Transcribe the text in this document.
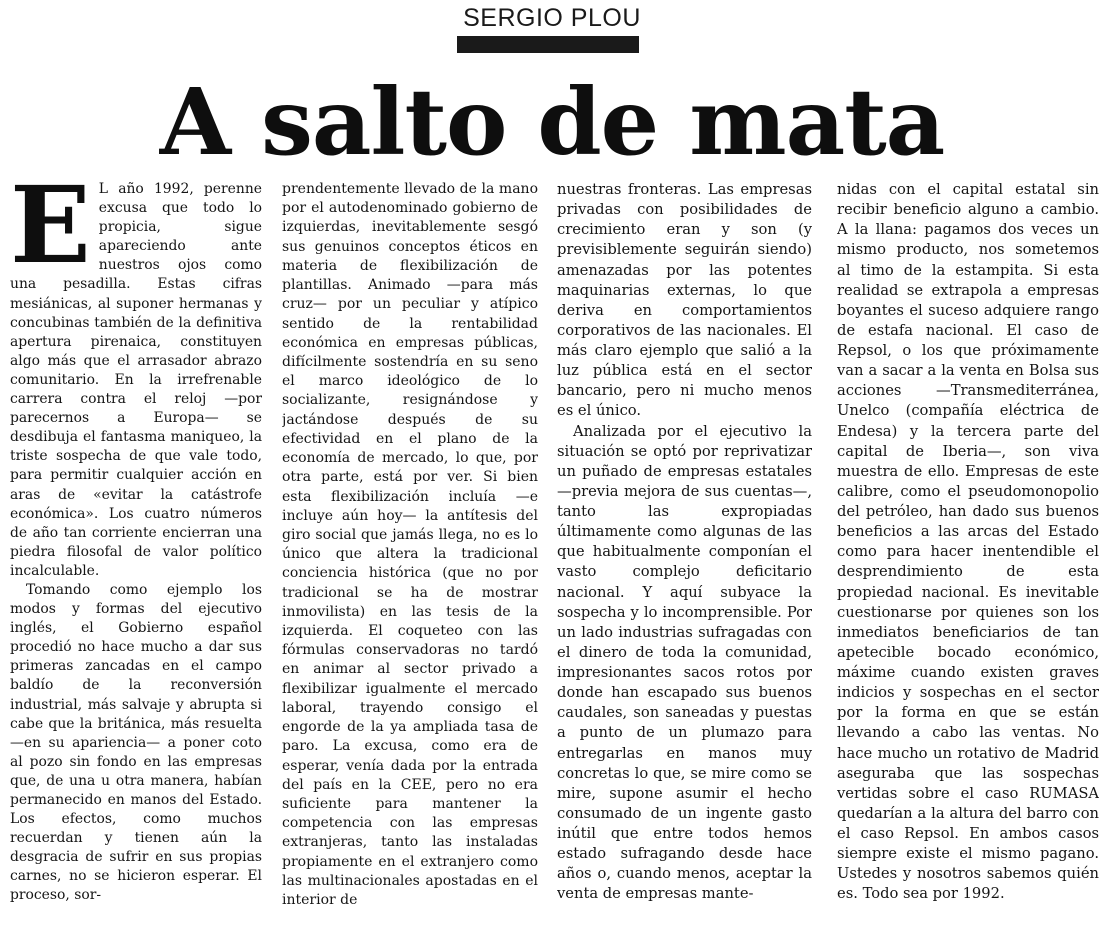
SERGIO PLOU
A salto de mata
E L año 1992, perenne excusa que todo lo propicia, sigue apareciendo ante nuestros ojos como una pesadilla. Estas cifras mesiánicas, al suponer hermanas y concubinas también de la definitiva apertura pirenaica, constituyen algo más que el arrasador abrazo comunitario. En la irrefrenable carrera contra el reloj —por parecernos a Europa— se desdibuja el fantasma maniqueo, la triste sospecha de que vale todo, para permitir cualquier acción en aras de «evitar la catástrofe económica». Los cuatro números de año tan corriente encierran una piedra filosofal de valor político incalculable.

Tomando como ejemplo los modos y formas del ejecutivo inglés, el Gobierno español procedió no hace mucho a dar sus primeras zancadas en el campo baldío de la reconversión industrial, más salvaje y abrupta si cabe que la británica, más resuelta —en su apariencia— a poner coto al pozo sin fondo en las empresas que, de una u otra manera, habían permanecido en manos del Estado. Los efectos, como muchos recuerdan y tienen aún la desgracia de sufrir en sus propias carnes, no se hicieron esperar. El proceso, sor-

prendentemente llevado de la mano por el autodenominado gobierno de izquierdas, inevitablemente sesgó sus genuinos conceptos éticos en materia de flexibilización de plantillas. Animado —para más cruz— por un peculiar y atípico sentido de la rentabilidad económica en empresas públicas, difícilmente sostendría en su seno el marco ideológico de lo socializante, resignándose y jactándose después de su efectividad en el plano de la economía de mercado, lo que, por otra parte, está por ver. Si bien esta flexibilización incluía —e incluye aún hoy— la antítesis del giro social que jamás llega, no es lo único que altera la tradicional conciencia histórica (que no por tradicional se ha de mostrar inmovilista) en las tesis de la izquierda. El coqueteo con las fórmulas conservadoras no tardó en animar al sector privado a flexibilizar igualmente el mercado laboral, trayendo consigo el engorde de la ya ampliada tasa de paro. La excusa, como era de esperar, venía dada por la entrada del país en la CEE, pero no era suficiente para mantener la competencia con las empresas extranjeras, tanto las instaladas propiamente en el extranjero como las multinacionales apostadas en el interior de

nuestras fronteras. Las empresas privadas con posibilidades de crecimiento eran y son (y previsiblemente seguirán siendo) amenazadas por las potentes maquinarias externas, lo que deriva en comportamientos corporativos de las nacionales. El más claro ejemplo que salió a la luz pública está en el sector bancario, pero ni mucho menos es el único.

Analizada por el ejecutivo la situación se optó por reprivatizar un puñado de empresas estatales —previa mejora de sus cuentas—, tanto las expropiadas últimamente como algunas de las que habitualmente componían el vasto complejo deficitario nacional. Y aquí subyace la sospecha y lo incomprensible. Por un lado industrias sufragadas con el dinero de toda la comunidad, impresionantes sacos rotos por donde han escapado sus buenos caudales, son saneadas y puestas a punto de un plumazo para entregarlas en manos muy concretas lo que, se mire como se mire, supone asumir el hecho consumado de un ingente gasto inútil que entre todos hemos estado sufragando desde hace años o, cuando menos, aceptar la venta de empresas mante-

nidas con el capital estatal sin recibir beneficio alguno a cambio. A la llana: pagamos dos veces un mismo producto, nos sometemos al timo de la estampita. Si esta realidad se extrapola a empresas boyantes el suceso adquiere rango de estafa nacional. El caso de Repsol, o los que próximamente van a sacar a la venta en Bolsa sus acciones —Transmediterránea, Unelco (compañía eléctrica de Endesa) y la tercera parte del capital de Iberia—, son viva muestra de ello. Empresas de este calibre, como el pseudomonopolio del petróleo, han dado sus buenos beneficios a las arcas del Estado como para hacer inentendible el desprendimiento de esta propiedad nacional. Es inevitable cuestionarse por quienes son los inmediatos beneficiarios de tan apetecible bocado económico, máxime cuando existen graves indicios y sospechas en el sector por la forma en que se están llevando a cabo las ventas. No hace mucho un rotativo de Madrid aseguraba que las sospechas vertidas sobre el caso RUMASA quedarían a la altura del barro con el caso Repsol. En ambos casos siempre existe el mismo pagano. Ustedes y nosotros sabemos quién es. Todo sea por 1992.
